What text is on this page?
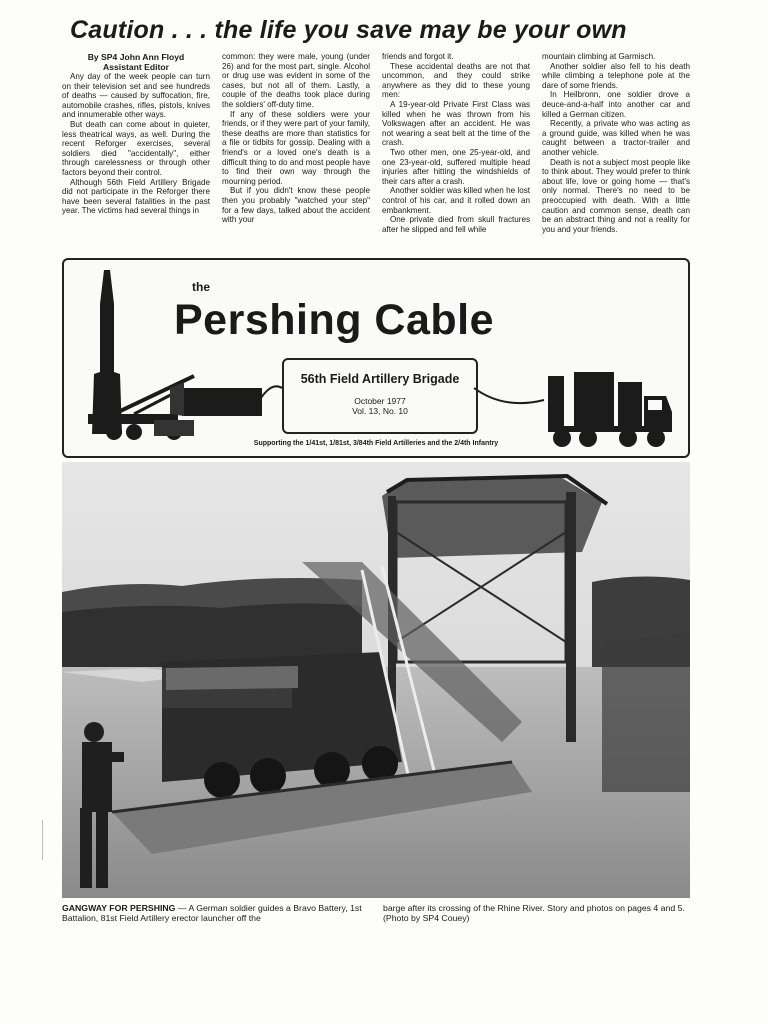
Caution . . . the life you save may be your own
By SP4 John Ann Floyd
Assistant Editor

Any day of the week people can turn on their television set and see hundreds of deaths — caused by suffocation, fire, automobile crashes, rifles, pistols, knives and innumerable other ways.

But death can come about in quieter, less theatrical ways, as well. During the recent Reforger exercises, several soldiers died "accidentally", either through carelessness or through other factors beyond their control.

Although 56th Field Artillery Brigade did not participate in the Reforger there have been several fatalities in the past year. The victims had several things in

common: they were male, young (under 26) and for the most part, single. Alcohol or drug use was evident in some of the cases, but not all of them. Lastly, a couple of the deaths took place during the soldiers' off-duty time.

If any of these soldiers were your friends, or if they were part of your family, these deaths are more than statistics for a file or tidbits for gossip. Dealing with a friend's or a loved one's death is a difficult thing to do and most people have to find their own way through the mourning period.

But if you didn't know these people then you probably "watched your step" for a few days, talked about the accident with your

friends and forgot it.

These accidental deaths are not that uncommon, and they could strike anywhere as they did to these young men:

A 19-year-old Private First Class was killed when he was thrown from his Volkswagen after an accident. He was not wearing a seat belt at the time of the crash.

Two other men, one 25-year-old, and one 23-year-old, suffered multiple head injuries after hitting the windshields of their cars after a crash.

Another soldier was killed when he lost control of his car, and it rolled down an embankment.

One private died from skull fractures after he slipped and fell while

mountain climbing at Garmisch.

Another soldier also fell to his death while climbing a telephone pole at the dare of some friends.

In Heilbronn, one soldier drove a deuce-and-a-half into another car and killed a German citizen.

Recently, a private who was acting as a ground guide, was killed when he was caught between a tractor-trailer and another vehicle.

Death is not a subject most people like to think about. They would prefer to think about life, love or going home — that's only normal. There's no need to be preoccupied with death. With a little caution and common sense, death can be an abstract thing and not a reality for you and your friends.

the
Pershing Cable
56th Field Artillery Brigade
October 1977
Vol. 13, No. 10
Supporting the 1/41st, 1/81st, 3/84th Field Artilleries and the 2/4th Infantry
GANGWAY FOR PERSHING — A German soldier guides a Bravo Battery, 1st Battalion, 81st Field Artillery erector launcher off the
barge after its crossing of the Rhine River. Story and photos on pages 4 and 5. (Photo by SP4 Couey)
